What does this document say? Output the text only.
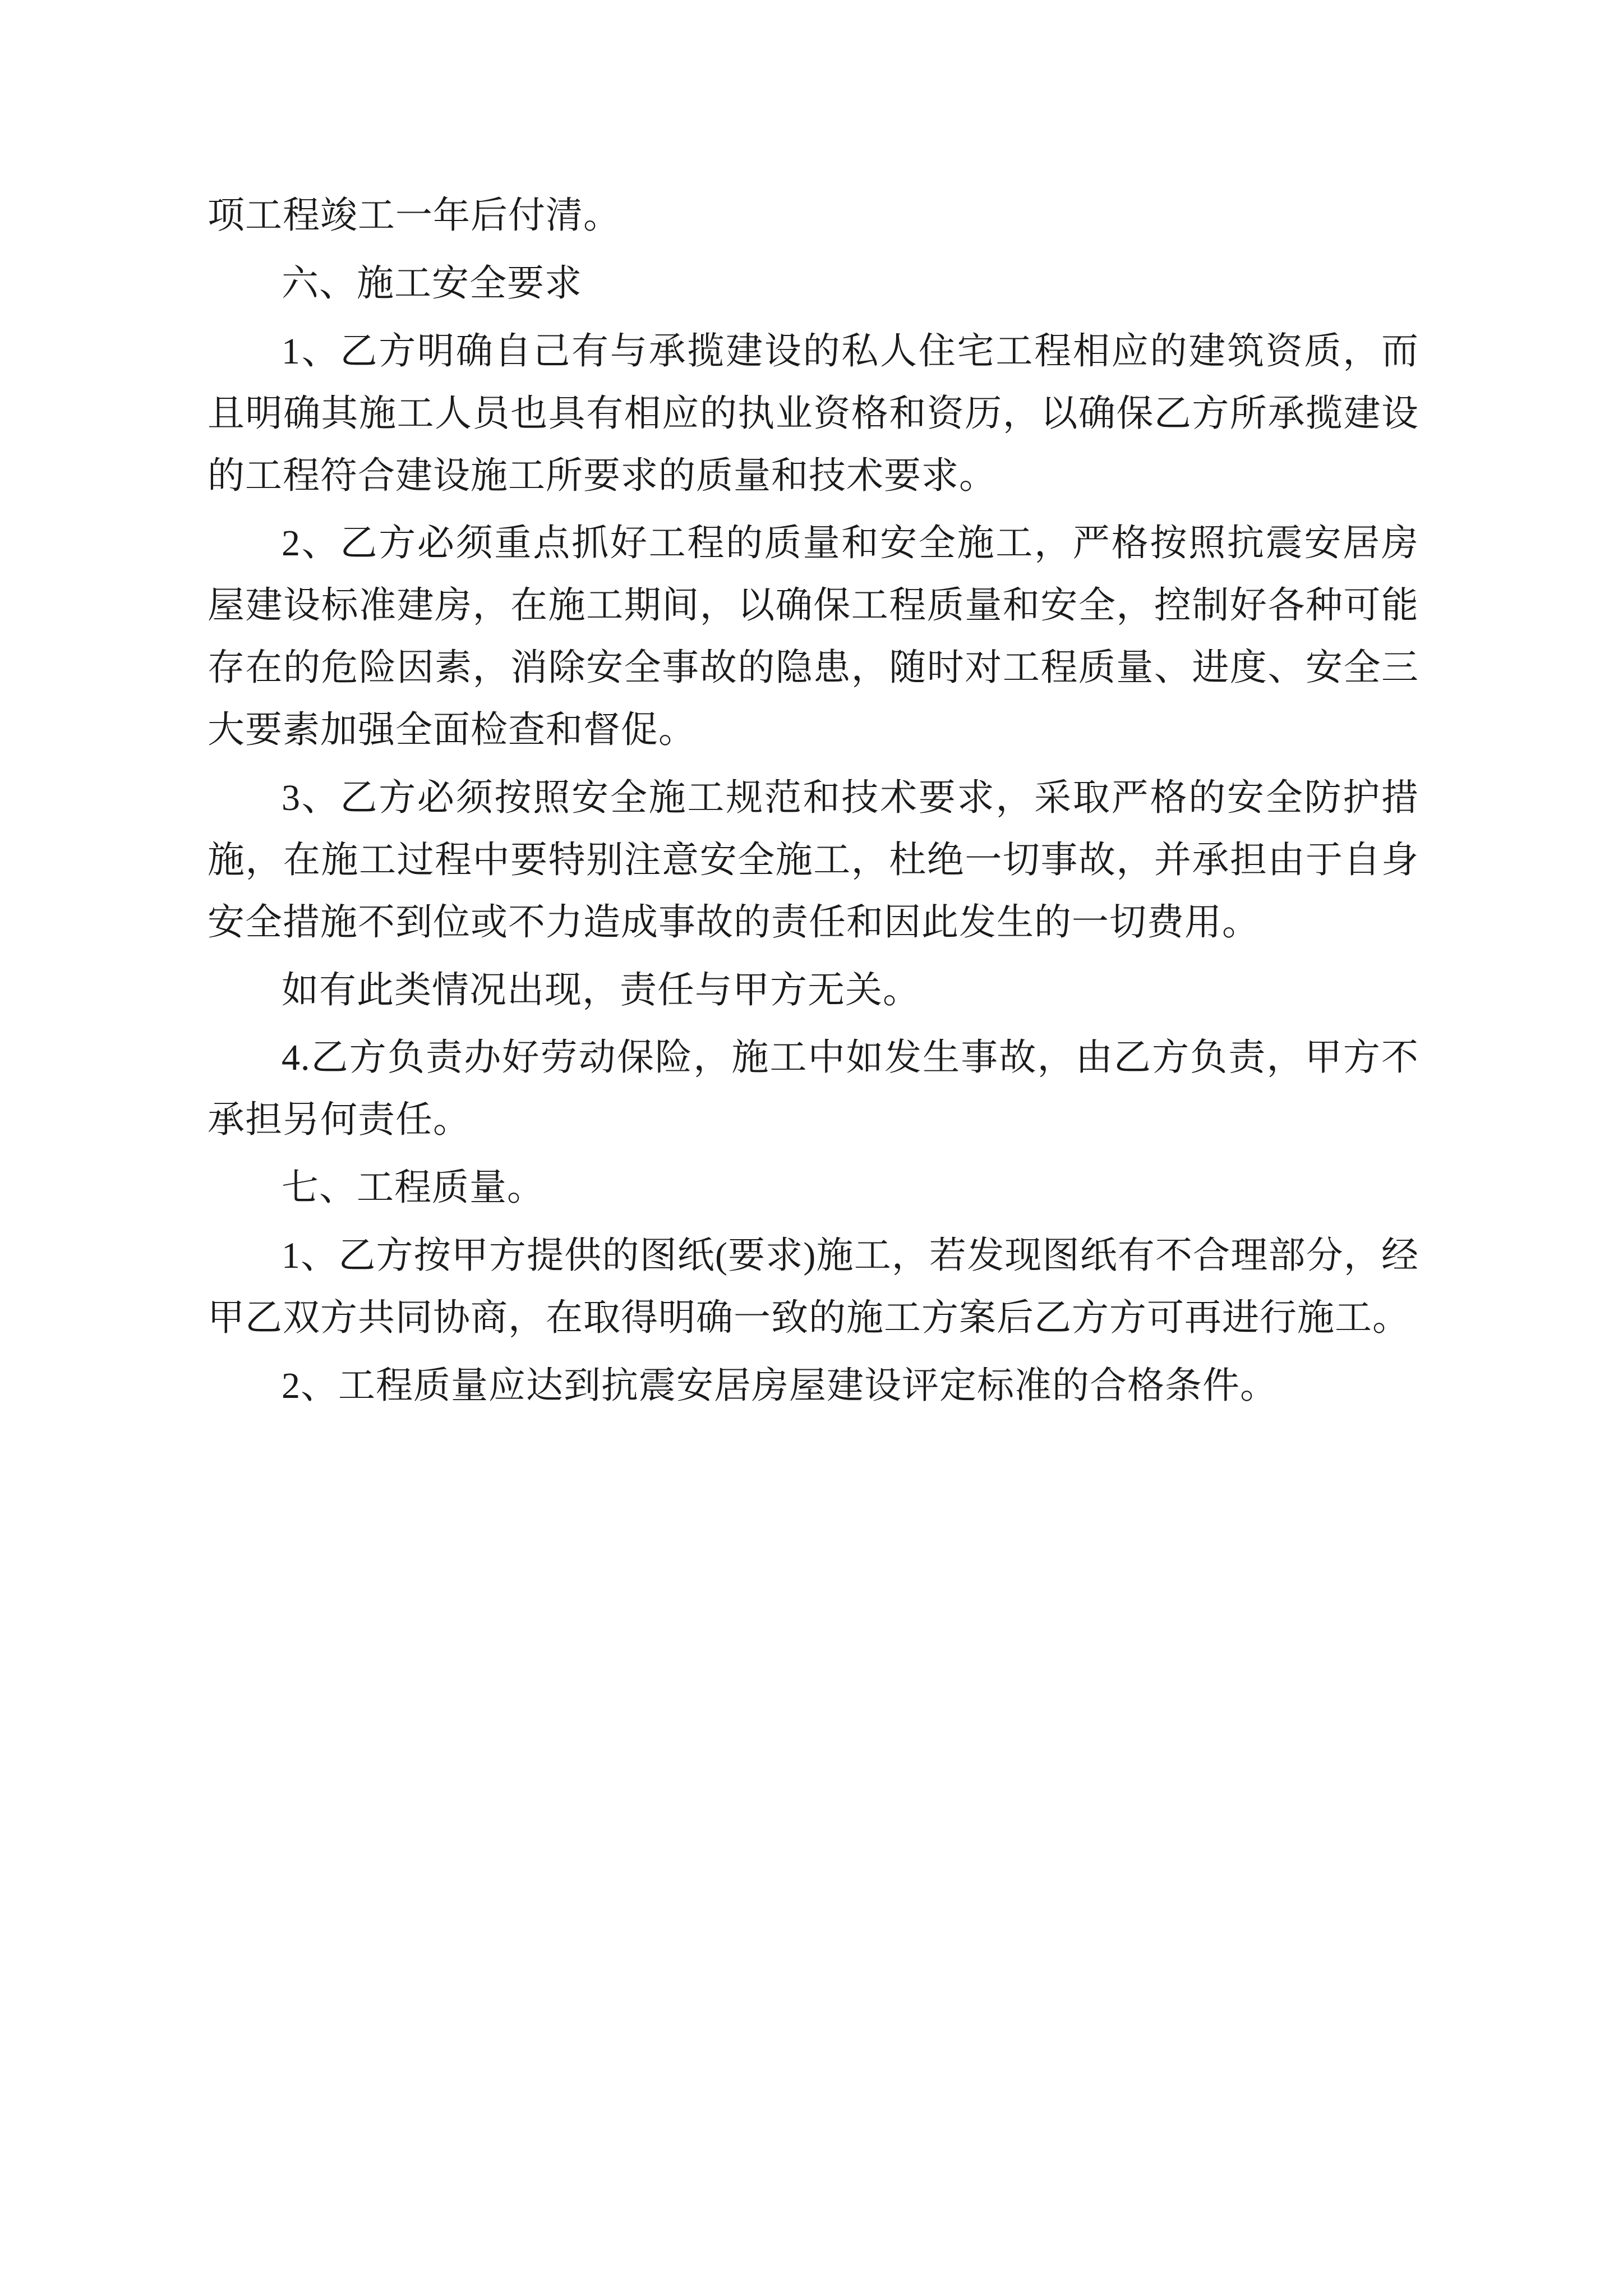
项工程竣工一年后付清。

六、施工安全要求

1、乙方明确自己有与承揽建设的私人住宅工程相应的建筑资质，而且明确其施工人员也具有相应的执业资格和资历，以确保乙方所承揽建设的工程符合建设施工所要求的质量和技术要求。

2、乙方必须重点抓好工程的质量和安全施工，严格按照抗震安居房屋建设标准建房，在施工期间，以确保工程质量和安全，控制好各种可能存在的危险因素，消除安全事故的隐患，随时对工程质量、进度、安全三大要素加强全面检查和督促。

3、乙方必须按照安全施工规范和技术要求，采取严格的安全防护措施，在施工过程中要特别注意安全施工，杜绝一切事故，并承担由于自身安全措施不到位或不力造成事故的责任和因此发生的一切费用。

如有此类情况出现，责任与甲方无关。

4.乙方负责办好劳动保险，施工中如发生事故，由乙方负责，甲方不承担另何责任。

七、工程质量。

1、乙方按甲方提供的图纸(要求)施工，若发现图纸有不合理部分，经甲乙双方共同协商，在取得明确一致的施工方案后乙方方可再进行施工。

2、工程质量应达到抗震安居房屋建设评定标准的合格条件。
